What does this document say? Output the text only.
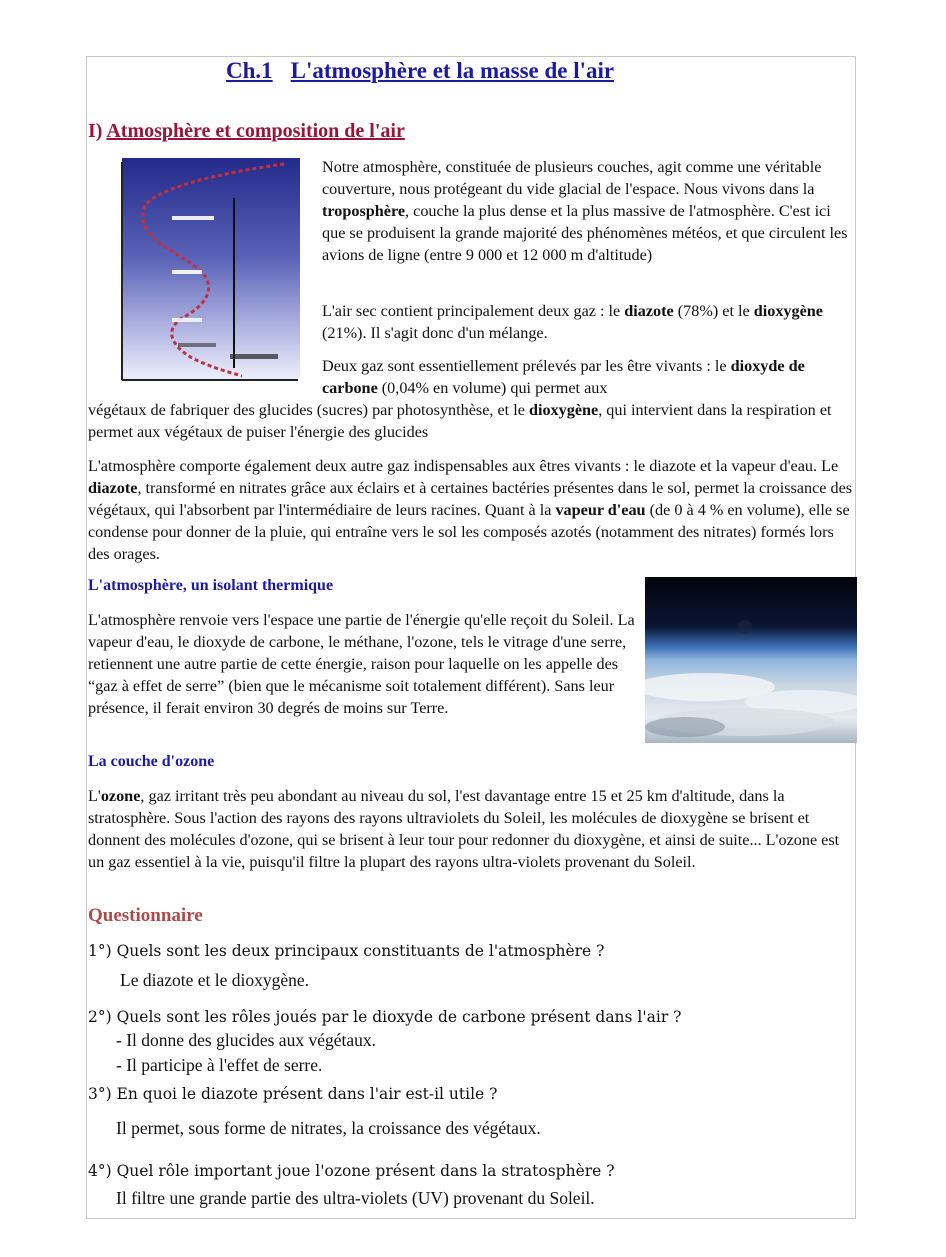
Ch.1 L'atmosphère et la masse de l'air
I) Atmosphère et composition de l'air
Notre atmosphère, constituée de plusieurs couches, agit comme une véritable couverture, nous protégeant du vide glacial de l'espace. Nous vivons dans la troposphère, couche la plus dense et la plus massive de l'atmosphère. C'est ici que se produisent la grande majorité des phénomènes météos, et que circulent les avions de ligne (entre 9 000 et 12 000 m d'altitude)
L'air sec contient principalement deux gaz : le diazote (78%) et le dioxygène (21%). Il s'agit donc d'un mélange.
Deux gaz sont essentiellement prélevés par les être vivants : le dioxyde de carbone (0,04% en volume) qui permet aux
végétaux de fabriquer des glucides (sucres) par photosynthèse, et le dioxygène, qui intervient dans la respiration et permet aux végétaux de puiser l'énergie des glucides
L'atmosphère comporte également deux autre gaz indispensables aux êtres vivants : le diazote et la vapeur d'eau. Le diazote, transformé en nitrates grâce aux éclairs et à certaines bactéries présentes dans le sol, permet la croissance des végétaux, qui l'absorbent par l'intermédiaire de leurs racines. Quant à la vapeur d'eau (de 0 à 4 % en volume), elle se condense pour donner de la pluie, qui entraîne vers le sol les composés azotés (notamment des nitrates) formés lors des orages.
L'atmosphère, un isolant thermique
L'atmosphère renvoie vers l'espace une partie de l'énergie qu'elle reçoit du Soleil. La vapeur d'eau, le dioxyde de carbone, le méthane, l'ozone, tels le vitrage d'une serre, retiennent une autre partie de cette énergie, raison pour laquelle on les appelle des “gaz à effet de serre” (bien que le mécanisme soit totalement différent). Sans leur présence, il ferait environ 30 degrés de moins sur Terre.
La couche d'ozone
L'ozone, gaz irritant très peu abondant au niveau du sol, l'est davantage entre 15 et 25 km d'altitude, dans la stratosphère. Sous l'action des rayons des rayons ultraviolets du Soleil, les molécules de dioxygène se brisent et donnent des molécules d'ozone, qui se brisent à leur tour pour redonner du dioxygène, et ainsi de suite... L'ozone est un gaz essentiel à la vie, puisqu'il filtre la plupart des rayons ultra-violets provenant du Soleil.
Questionnaire
1°) Quels sont les deux principaux constituants de l'atmosphère ?
Le diazote et le dioxygène.
2°) Quels sont les rôles joués par le dioxyde de carbone présent dans l'air ?
- Il donne des glucides aux végétaux.
- Il participe à l'effet de serre.
3°) En quoi le diazote présent dans l'air est-il utile ?
Il permet, sous forme de nitrates, la croissance des végétaux.
4°) Quel rôle important joue l'ozone présent dans la stratosphère ?
Il filtre une grande partie des ultra-violets (UV) provenant du Soleil.
